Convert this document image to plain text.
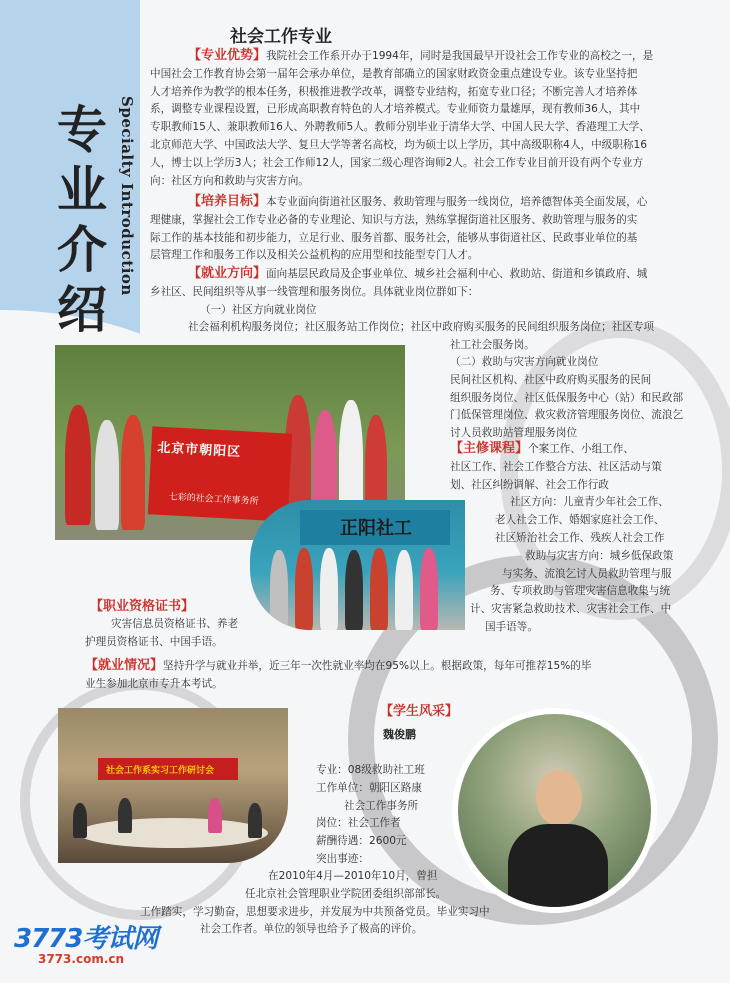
专
业
介
绍
Specialty Introduction
社会工作专业
【专业优势】我院社会工作系开办于1994年，同时是我国最早开设社会工作专业的高校之一，是
中国社会工作教育协会第一届年会承办单位，是教育部确立的国家财政资金重点建设专业。该专业坚持把
人才培养作为教学的根本任务，积极推进教学改革，调整专业结构，拓宽专业口径；不断完善人才培养体
系，调整专业课程设置，已形成高职教育特色的人才培养模式。专业师资力量雄厚，现有教师36人，其中
专职教师15人、兼职教师16人、外聘教师5人。教师分别毕业于清华大学、中国人民大学、香港理工大学、
北京师范大学、中国政法大学、复旦大学等著名高校，均为硕士以上学历，其中高级职称4人，中级职称16
人，博士以上学历3人；社会工作师12人，国家二级心理咨询师2人。社会工作专业目前开设有两个专业方
向：社区方向和救助与灾害方向。
【培养目标】本专业面向街道社区服务、救助管理与服务一线岗位，培养德智体美全面发展，心
理健康，掌握社会工作专业必备的专业理论、知识与方法，熟练掌握街道社区服务、救助管理与服务的实
际工作的基本技能和初步能力，立足行业、服务首都、服务社会，能够从事街道社区、民政事业单位的基
层管理工作和服务工作以及相关公益机构的应用型和技能型专门人才。
【就业方向】面向基层民政局及企事业单位、城乡社会福利中心、救助站、街道和乡镇政府、城
乡社区、民间组织等从事一线管理和服务岗位。具体就业岗位群如下：
（一）社区方向就业岗位
社会福利机构服务岗位；社区服务站工作岗位；社区中政府购买服务的民间组织服务岗位；社区专项
社工社会服务岗。
（二）救助与灾害方向就业岗位
民间社区机构、社区中政府购买服务的民间
组织服务岗位、社区低保服务中心（站）和民政部
门低保管理岗位、救灾救济管理服务岗位、流浪乞
讨人员救助站管理服务岗位
北京市朝阳区
七彩的社会工作事务所
正阳社工
【主修课程】个案工作、小组工作、
社区工作、社会工作整合方法、社区活动与策
划、社区纠纷调解、社会工作行政
社区方向：儿童青少年社会工作、
老人社会工作、婚姻家庭社会工作、
社区矫治社会工作、残疾人社会工作
救助与灾害方向：城乡低保政策
与实务、流浪乞讨人员救助管理与服
务、专项救助与管理灾害信息收集与统
计、灾害紧急救助技术、灾害社会工作、中
国手语等。
【职业资格证书】
灾害信息员资格证书、养老
护理员资格证书、中国手语。
【就业情况】坚持升学与就业并举，近三年一次性就业率均在95%以上。根据政策，每年可推荐15%的毕
业生参加北京市专升本考试。
社会工作系实习工作研讨会
【学生风采】
魏俊鹏
专业：08级救助社工班
工作单位：朝阳区路康
社会工作事务所
岗位：社会工作者
薪酬待遇：2600元
突出事迹：
在2010年4月—2010年10月，曾担
任北京社会管理职业学院团委组织部部长。
工作踏实，学习勤奋，思想要求进步，并发展为中共预备党员。毕业实习中
社会工作者。单位的领导也给予了极高的评价。
3773考试网
3773.com.cn
